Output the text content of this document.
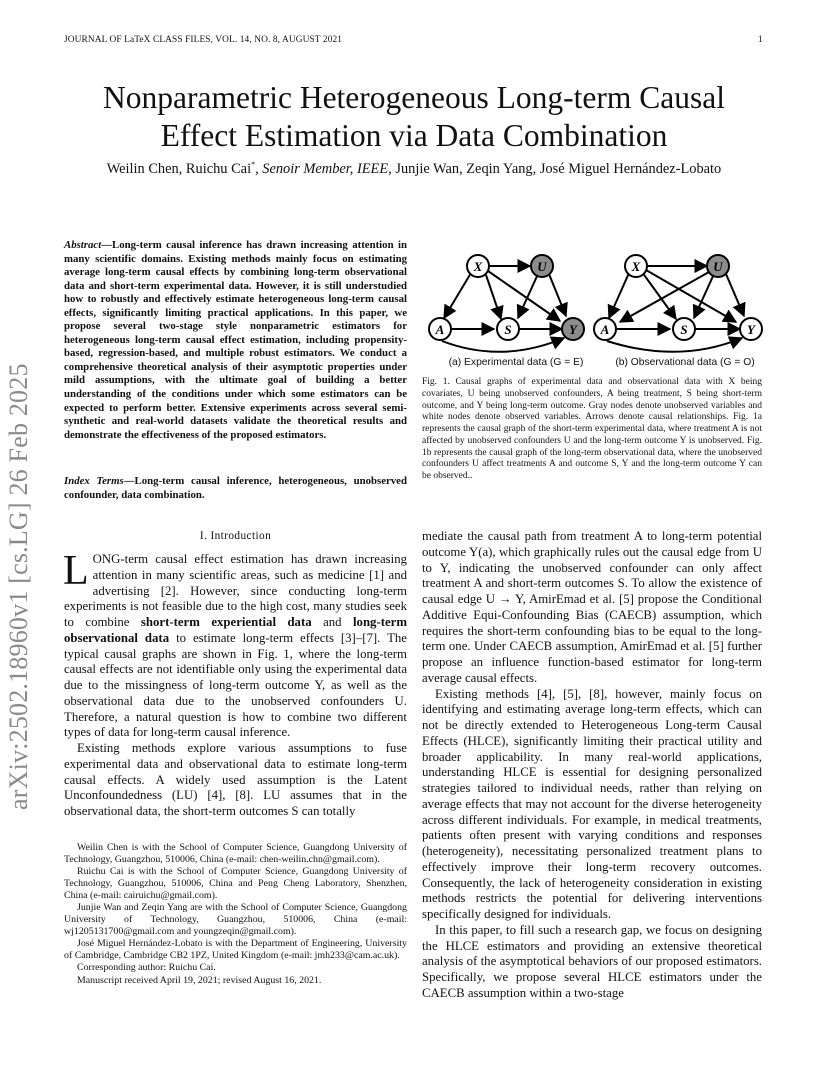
JOURNAL OF LaTeX CLASS FILES, VOL. 14, NO. 8, AUGUST 2021	1
arXiv:2502.18960v1 [cs.LG] 26 Feb 2025
Nonparametric Heterogeneous Long-term Causal
Effect Estimation via Data Combination
Weilin Chen, Ruichu Cai*, Senoir Member, IEEE, Junjie Wan, Zeqin Yang, José Miguel Hernández-Lobato
Abstract—Long-term causal inference has drawn increasing attention in many scientific domains. Existing methods mainly focus on estimating average long-term causal effects by combining long-term observational data and short-term experimental data. However, it is still understudied how to robustly and effectively estimate heterogeneous long-term causal effects, significantly limiting practical applications. In this paper, we propose several two-stage style nonparametric estimators for heterogeneous long-term causal effect estimation, including propensity-based, regression-based, and multiple robust estimators. We conduct a comprehensive theoretical analysis of their asymptotic properties under mild assumptions, with the ultimate goal of building a better understanding of the conditions under which some estimators can be expected to perform better. Extensive experiments across several semi-synthetic and real-world datasets validate the theoretical results and demonstrate the effectiveness of the proposed estimators.
Index Terms—Long-term causal inference, heterogeneous, unobserved confounder, data combination.
I. Introduction

LONG-term causal effect estimation has drawn increasing attention in many scientific areas, such as medicine [1] and advertising [2]. However, since conducting long-term experiments is not feasible due to the high cost, many studies seek to combine short-term experiential data and long-term observational data to estimate long-term effects [3]–[7]. The typical causal graphs are shown in Fig. 1, where the long-term causal effects are not identifiable only using the experimental data due to the missingness of long-term outcome Y, as well as the observational data due to the unobserved confounders U. Therefore, a natural question is how to combine two different types of data for long-term causal inference.

Existing methods explore various assumptions to fuse experimental data and observational data to estimate long-term causal effects. A widely used assumption is the Latent Unconfoundedness (LU) [4], [8]. LU assumes that in the observational data, the short-term outcomes S can totally

Weilin Chen is with the School of Computer Science, Guangdong University of Technology, Guangzhou, 510006, China (e-mail: chen-weilin.chn@gmail.com).

Ruichu Cai is with the School of Computer Science, Guangdong University of Technology, Guangzhou, 510006, China and Peng Cheng Laboratory, Shenzhen, China (e-mail: cairuichu@gmail.com).

Junjie Wan and Zeqin Yang are with the School of Computer Science, Guangdong University of Technology, Guangzhou, 510006, China (e-mail: wj1205131700@gmail.com and youngzeqin@gmail.com).

José Miguel Hernández-Lobato is with the Department of Engineering, University of Cambridge, Cambridge CB2 1PZ, United Kingdom (e-mail: jmh233@cam.ac.uk).

Corresponding author: Ruichu Cai.

Manuscript received April 19, 2021; revised August 16, 2021.

X	U
A	S	Y
X	U
A	S	Y
(a) Experimental data (G = E)	(b) Observational data (G = O)
Fig. 1. Causal graphs of experimental data and observational data with X being covariates, U being unobserved confounders, A being treatment, S being short-term outcome, and Y being long-term outcome. Gray nodes denote unobserved variables and white nodes denote observed variables. Arrows denote causal relationships. Fig. 1a represents the causal graph of the short-term experimental data, where treatment A is not affected by unobserved confounders U and the long-term outcome Y is unobserved. Fig. 1b represents the causal graph of the long-term observational data, where the unobserved confounders U affect treatments A and outcome S, Y and the long-term outcome Y can be observed..

mediate the causal path from treatment A to long-term potential outcome Y(a), which graphically rules out the causal edge from U to Y, indicating the unobserved confounder can only affect treatment A and short-term outcomes S. To allow the existence of causal edge U → Y, AmirEmad et al. [5] propose the Conditional Additive Equi-Confounding Bias (CAECB) assumption, which requires the short-term confounding bias to be equal to the long-term one. Under CAECB assumption, AmirEmad et al. [5] further propose an influence function-based estimator for long-term average causal effects.

Existing methods [4], [5], [8], however, mainly focus on identifying and estimating average long-term effects, which can not be directly extended to Heterogeneous Long-term Causal Effects (HLCE), significantly limiting their practical utility and broader applicability. In many real-world applications, understanding HLCE is essential for designing personalized strategies tailored to individual needs, rather than relying on average effects that may not account for the diverse heterogeneity across different individuals. For example, in medical treatments, patients often present with varying conditions and responses (heterogeneity), necessitating personalized treatment plans to effectively improve their long-term recovery outcomes. Consequently, the lack of heterogeneity consideration in existing methods restricts the potential for delivering interventions specifically designed for individuals.

In this paper, to fill such a research gap, we focus on designing the HLCE estimators and providing an extensive theoretical analysis of the asymptotical behaviors of our proposed estimators. Specifically, we propose several HLCE estimators under the CAECB assumption within a two-stage
